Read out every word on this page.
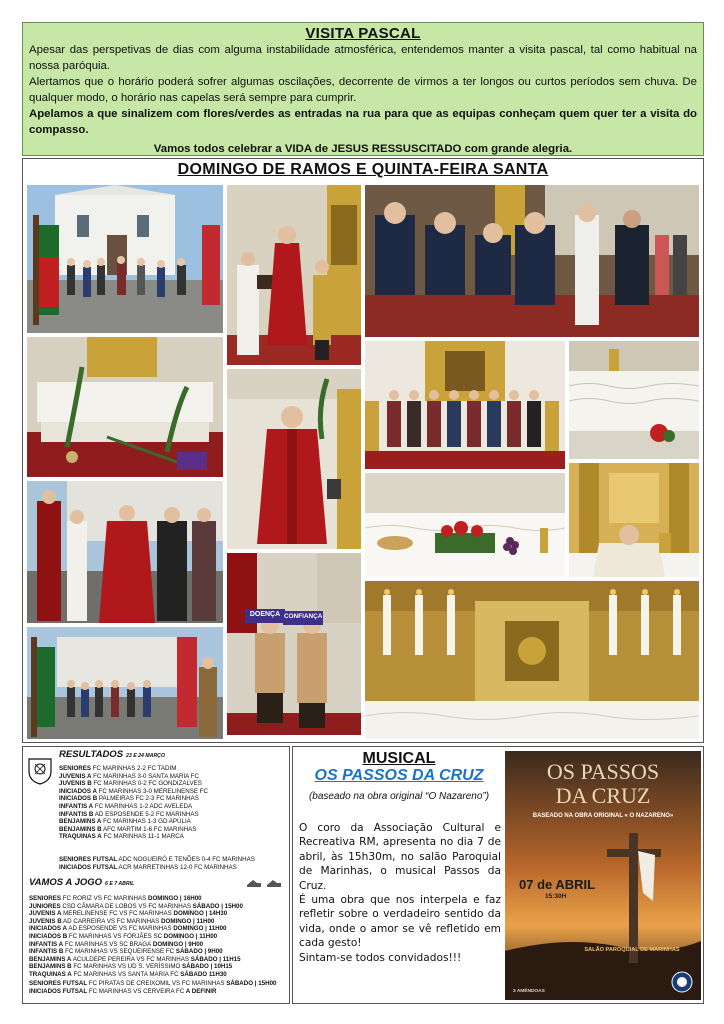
VISITA PASCAL

Apesar das perspetivas de dias com alguma instabilidade atmosférica, entendemos manter a visita pascal, tal como habitual na nossa paróquia.

Alertamos que o horário poderá sofrer algumas oscilações, decorrente de virmos a ter longos ou curtos períodos sem chuva. De qualquer modo, o horário nas capelas será sempre para cumprir.

Apelamos a que sinalizem com flores/verdes as entradas na rua para que as equipas conheçam quem quer ter a visita do compasso.

Vamos todos celebrar a VIDA de JESUS RESSUSCITADO com grande alegria.

DOMINGO DE RAMOS E QUINTA-FEIRA SANTA
DOENÇA CONFIANÇA
RESULTADOS 23 E 24 MARÇO
SENIORES FC MARINHAS 2-2 FC TADIM
JUVENIS A FC MARINHAS 3-0 SANTA MARIA FC
JUVENIS B FC MARINHAS 0-2 FC GONDIZALVES
INICIADOS A FC MARINHAS 3-0 MERELINENSE FC
INICIADOS B PALMEIRAS FC 2-3 FC MARINHAS
INFANTIS A FC MARINHAS 1-2 ADC AVELEDA
INFANTIS B AD ESPOSENDE 5-2 FC MARINHAS
BENJAMINS A FC MARINHAS 1-3 GD APÚLIA
BENJAMINS B AFC MARTIM 1-6 FC MARINHAS
TRAQUINAS A FC MARINHAS 11-1 MARCA
SENIORES FUTSAL ADC NOGUEIRÓ E TENÕES 0-4 FC MARINHAS
INICIADOS FUTSAL ACR MARRETINHAS 12-0 FC MARINHAS
VAMOS A JOGO 6 E 7 ABRIL
SENIORES FC RORIZ VS FC MARINHAS DOMINGO | 16H00
JUNIORES CSD CÂMARA DE LOBOS VS FC MARINHAS SÁBADO | 15H00
JUVENIS A MERELINENSE FC VS FC MARINHAS DOMINGO | 14H30
JUVENIS B AD CARREIRA VS FC MARINHAS DOMINGO | 11H00
INICIADOS A AD ESPOSENDE VS FC MARINHAS DOMINGO | 11H00
INICIADOS B FC MARINHAS VS FORJÃES SC DOMINGO | 11H00
INFANTIS A FC MARINHAS VS SC BRAGA DOMINGO | 9H00
INFANTIS B FC MARINHAS VS SEQUEIRENSE FC SÁBADO | 9H00
BENJAMINS A ACULDEPE PEREIRA VS FC MARINHAS SÁBADO | 11H15
BENJAMINS B FC MARINHAS VS UD S. VERÍSSIMO SÁBADO | 10H15
TRAQUINAS A FC MARINHAS VS SANTA MARIA FC SÁBADO 11H30
SENIORES FUTSAL FC PIRATAS DE CREIXOMIL VS FC MARINHAS SÁBADO | 15H00
INICIADOS FUTSAL FC MARINHAS VS CERVEIRA FC A DEFINIR
MUSICAL
OS PASSOS DA CRUZ
(baseado na obra original “O Nazareno”)
O coro da Associação Cultural e Recreativa RM, apresenta no dia 7 de abril, às 15h30m, no salão Paroquial de Marinhas, o musical Passos da Cruz.
É uma obra que nos interpela e faz refletir sobre o verdadeiro sentido da vida, onde o amor se vê refletido em cada gesto!
Sintam-se todos convidados!!!
OS PASSOS
DA CRUZ
BASEADO NA OBRA ORIGINAL « O NAZARENO»
07 de ABRIL
15:30H
SALÃO PAROQUIAL DE MARINHAS
3 AMÊNDOAS
